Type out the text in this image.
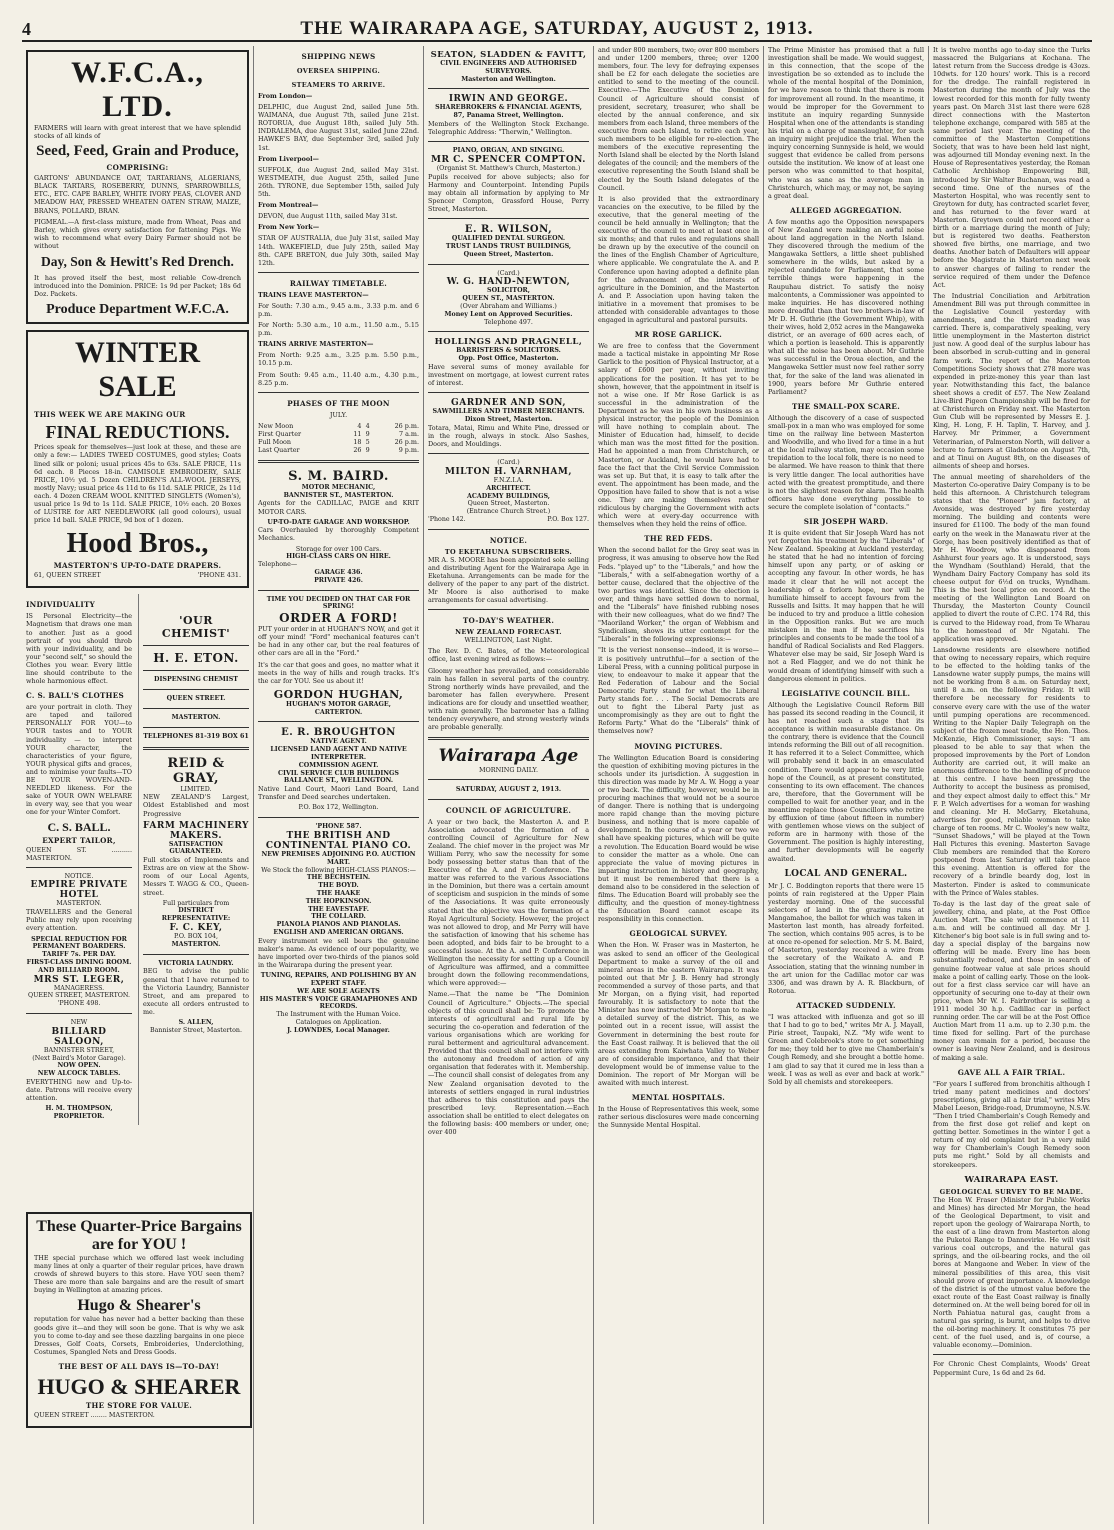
4	THE WAIRARAPA AGE, SATURDAY, AUGUST 2, 1913.
W.F.C.A., LTD.

FARMERS will learn with great interest that we have splendid stocks of all kinds of

Seed, Feed, Grain and Produce,
COMPRISING:

GARTONS' ABUNDANCE OAT, TARTARIANS, ALGERIANS, BLACK TARTARS, ROSEBERRY, DUNNS, SPARROWBILLS, ETC., ETC. CAPE BARLEY, WHITE IVORY PEAS, CLOVER AND MEADOW HAY, PRESSED WHEATEN OATEN STRAW, MAIZE, BRANS, POLLARD, BRAN.

PIGMEAL.—A first-class mixture, made from Wheat, Peas and Barley, which gives every satisfaction for fattening Pigs. We wish to recommend what every Dairy Farmer should not be without

Day, Son & Hewitt's Red Drench.

It has proved itself the best, most reliable Cow-drench introduced into the Dominion. PRICE: 1s 9d per Packet; 18s 6d Doz. Packets.

Produce Department W.F.C.A.
WINTER SALE
THIS WEEK WE ARE MAKING OUR
FINAL REDUCTIONS.

Prices speak for themselves—just look at these, and these are only a few:— LADIES TWEED COSTUMES, good styles; Coats lined silk or poloni; usual prices 45s to 63s. SALE PRICE, 11s 6d each. 8 Pieces 18-in. CAMISOLE EMBROIDERY, SALE PRICE, 10½ yd. 5 Dozen CHILDREN'S ALL-WOOL JERSEYS, mostly Navy; usual price 4s 11d to 6s 11d. SALE PRICE, 2s 11d each. 4 Dozen CREAM WOOL KNITTED SINGLETS (Women's), usual price 1s 9d to 1s 11d. SALE PRICE, 10½ each. 20 Boxes of LUSTRE for ART NEEDLEWORK (all good colours), usual price 1d ball. SALE PRICE, 9d box of 1 dozen.

Hood Bros.,
MASTERTON'S UP-TO-DATE DRAPERS.
61, QUEEN STREET	'PHONE 431.
INDIVIDUALITY

IS Personal Electricity—the Magnetism that draws one man to another. Just as a good portrait of you should throb with your individuality, and be your "second self," so should the Clothes you wear. Every little line should contribute to the whole harmonious effect.

C. S. BALL'S CLOTHES

are your portrait in cloth. They are taped and tailored PERSONALLY FOR YOU—to YOUR tastes and to YOUR individuality — to interpret YOUR character, the characteristics of your figure, YOUR physical gifts and graces, and to minimise your faults—TO BE YOUR WOVEN-AND-NEEDLED likeness. For the sake of YOUR OWN WELFARE in every way, see that you wear one for your Winter Comfort.

C. S. BALL.
EXPERT TAILOR,
QUEEN ST. .......... MASTERTON.
NOTICE.
EMPIRE PRIVATE HOTEL
MASTERTON.

TRAVELLERS and the General Public may rely upon receiving every attention.

SPECIAL REDUCTION FOR PERMANENT BOARDERS.
TARIFF 7s. PER DAY.
FIRST-CLASS DINING ROOM.
AND BILLIARD ROOM.
MRS ST. LEGER,
MANAGERESS.
QUEEN STREET, MASTERTON.
'PHONE 498.
NEW
BILLIARD SALOON,
BANNISTER STREET,
(Next Baird's Motor Garage).
NOW OPEN.
NEW ALCOCK TABLES.

EVERYTHING new and Up-to-date. Patrons will receive every attention.

H. M. THOMPSON, PROPRIETOR.
'OUR CHEMIST'
H. E. ETON.
DISPENSING CHEMIST
QUEEN STREET.
MASTERTON.
TELEPHONES 81-319 BOX 61
REID & GRAY,
LIMITED.

NEW ZEALAND'S Largest, Oldest Established and most Progressive

FARM MACHINERY MAKERS.
SATISFACTION GUARANTEED.

Full stocks of Implements and Extras are on view at the Show-room of our Local Agents, Messrs T. WAGG & CO., Queen-street.

Full particulars from
DISTRICT REPRESENTATIVE:
F. C. KEY,
P.O. BOX 104,
MASTERTON.
VICTORIA LAUNDRY.

BEG to advise the public general that I have returned to the Victoria Laundry, Bannister Street, and am prepared to execute all orders entrusted to me.

S. ALLEN,
Bannister Street, Masterton.
These Quarter-Price Bargains are for YOU !

THE special purchase which we offered last week including many lines at only a quarter of their regular prices, have drawn crowds of shrewd buyers to this store. Have YOU seen them? These are more than sale bargains and are the result of smart buying in Wellington at amazing prices.

Hugo & Shearer's

reputation for value has never had a better backing than these goods give it—and they will soon be gone. That is why we ask you to come to-day and see these dazzling bargains in one piece Dresses, Golf Coats, Corsets, Embroideries, Underclothing, Costumes, Spangled Nets and Dress Goods.

THE BEST OF ALL DAYS IS—TO-DAY!
HUGO & SHEARER
THE STORE FOR VALUE.
QUEEN STREET ........ MASTERTON.
SHIPPING NEWS
OVERSEA SHIPPING.
STEAMERS TO ARRIVE.
From London—

DELPHIC, due August 2nd, sailed June 5th. WAIMANA, due August 7th, sailed June 21st. ROTORUA, due August 18th, sailed July 5th. INDRALEMA, due August 31st, sailed June 22nd. HAWKE'S BAY, due September 3rd, sailed July 1st.

From Liverpool—

SUFFOLK, due August 2nd, sailed May 31st. WESTMEATH, due August 25th, sailed June 26th. TYRONE, due September 15th, sailed July 5th.

From Montreal—

DEVON, due August 11th, sailed May 31st.

From New York—

STAR OF AUSTRALIA, due July 31st, sailed May 14th. WAKEFIELD, due July 25th, sailed May 8th. CAPE BRETON, due July 30th, sailed May 12th.

RAILWAY TIMETABLE.
TRAINS LEAVE MASTERTON—

For South: 7.30 a.m., 9.45 a.m., 3.33 p.m. and 6 p.m.

For North: 5.30 a.m., 10 a.m., 11.50 a.m., 5.15 p.m.

TRAINS ARRIVE MASTERTON—

From North: 9.25 a.m., 3.25 p.m. 5.50 p.m., 10.15 p.m.

From South: 9.45 a.m., 11.40 a.m., 4.30 p.m., 8.25 p.m.

PHASES OF THE MOON
JULY.
New Moon	4	4	26 p.m.
First Quarter	11	9	7 a.m.
Full Moon	18	5	26 p.m.
Last Quarter	26	9	9 p.m.
S. M. BAIRD.
MOTOR MECHANIC,
BANNISTER ST., MASTERTON.

Agents for the CADILLAC, PAIGE and KRIT MOTOR CARS.

UP-TO-DATE GARAGE AND WORKSHOP.

Cars Overhauled by thoroughly Competent Mechanics.

Storage for over 100 Cars.
HIGH-CLASS CARS ON HIRE.
Telephone—
GARAGE 436.
PRIVATE 426.
TIME YOU DECIDED ON THAT CAR FOR SPRING!
ORDER A FORD!

PUT your order in at HUGHAN'S NOW, and get it off your mind! "Ford" mechanical features can't be had in any other car, but the real features of other cars are all in the "Ford."

It's the car that goes and goes, no matter what it meets in the way of hills and rough tracks. It's the car for YOU. See us about it!

GORDON HUGHAN,
HUGHAN'S MOTOR GARAGE,
CARTERTON.
E. R. BROUGHTON
NATIVE AGENT.
LICENSED LAND AGENT AND NATIVE INTERPRETER.
COMMISSION AGENT.
CIVIL SERVICE CLUB BUILDINGS
BALLANCE ST., WELLINGTON.

Native Land Court, Maori Land Board, Land Transfer and Deed searches undertaken.

P.O. Box 172, Wellington.
'PHONE 587.
THE BRITISH AND CONTINENTAL PIANO CO.
NEW PREMISES ADJOINING P.O. AUCTION MART.
We Stock the following HIGH-CLASS PIANOS:—
THE BECHSTEIN.
THE BOYD.
THE HAAKE
THE HOPKINSON.
THE EAVESTAFF.
THE COLLARD.
PIANOLA PIANOS AND PIANOLAS.
ENGLISH AND AMERICAN ORGANS.

Every instrument we sell bears the genuine maker's name. As evidence of our popularity, we have imported over two-thirds of the pianos sold in the Wairarapa during the present year.

TUNING, REPAIRS, AND POLISHING BY AN EXPERT STAFF.
WE ARE SOLE AGENTS
HIS MASTER'S VOICE GRAMAPHONES AND RECORDS.
The Instrument with the Human Voice.
Catalogues on Application.
J. LOWNDES, Local Manager.
SEATON, SLADDEN & FAVITT,
CIVIL ENGINEERS AND AUTHORISED SURVEYORS.
Masterton and Wellington.
IRWIN AND GEORGE.
SHAREBROKERS & FINANCIAL AGENTS,
87, Panama Street, Wellington.

Members of the Wellington Stock Exchange. Telegraphic Address: "Therwin," Wellington.

PIANO, ORGAN, AND SINGING.
MR C. SPENCER COMPTON.
(Organist St. Matthew's Church, Masterton.)

Pupils received for above subjects; also for Harmony and Counterpoint. Intending Pupils may obtain all information by applying to Mr Spencer Compton, Grassford House, Perry Street, Masterton.

E. R. WILSON,
QUALIFIED DENTAL SURGEON.
TRUST LANDS TRUST BUILDINGS,
Queen Street, Masterton.
(Card.)
W. G. HAND-NEWTON,
SOLICITOR,
QUEEN ST., MASTERTON.
(Over Abraham and Williams.)
Money Lent on Approved Securities.
Telephone 497.
HOLLINGS AND PRAGNELL,
BARRISTERS & SOLICITORS.
Opp. Post Office, Masterton.

Have several sums of money available for investment on mortgage, at lowest current rates of interest.

GARDNER AND SON,
SAWMILLERS AND TIMBER MERCHANTS.
Dixon Street, Masterton.

Totara, Matai, Rimu and White Pine, dressed or in the rough, always in stock. Also Sashes, Doors, and Mouldings.

(Card.)
MILTON H. VARNHAM,
F.N.Z.I.A.
ARCHITECT.
ACADEMY BUILDINGS,
Queen Street, Masterton.
(Entrance Church Street.)
'Phone 142.	P.O. Box 127.
NOTICE.
TO EKETAHUNA SUBSCRIBERS.

MR A. S. MOORE has been appointed sole selling and distributing Agent for the Wairarapa Age in Eketahuna. Arrangements can be made for the delivery of the paper to any part of the district. Mr Moore is also authorised to make arrangements for casual advertising.

TO-DAY'S WEATHER.
NEW ZEALAND FORECAST.
WELLINGTON, Last Night.

The Rev. D. C. Bates, of the Meteorological office, last evening wired as follows:—

Gloomy weather has prevailed, and considerable rain has fallen in several parts of the country. Strong northerly winds have prevailed, and the barometer has fallen everywhere. Present indications are for cloudy and unsettled weather, with rain generally. The barometer has a falling tendency everywhere, and strong westerly winds are probable generally.

Wairarapa Age
MORNING DAILY.
SATURDAY, AUGUST 2, 1913.
COUNCIL OF AGRICULTURE.

A year or two back, the Masterton A. and P. Association advocated the formation of a controlling Council of Agriculture for New Zealand. The chief mover in the project was Mr William Perry, who saw the necessity for some body possessing better status than that of the Executive of the A. and P. Conference. The matter was referred to the various Associations in the Dominion, but there was a certain amount of scepticism and suspicion in the minds of some of the Associations. It was quite erroneously stated that the objective was the formation of a Royal Agricultural Society. However, the project was not allowed to drop, and Mr Perry will have the satisfaction of knowing that his scheme has been adopted, and bids fair to be brought to a successful issue. At the A. and P. Conference in Wellington the necessity for setting up a Council of Agriculture was affirmed, and a committee brought down the following recommendations, which were approved:—

Name.—That the name be "The Dominion Council of Agriculture." Objects.—The special objects of this council shall be: To promote the interests of agricultural and rural life by securing the co-operation and federation of the various organisations which are working for rural betterment and agricultural advancement. Provided that this council shall not interfere with the autonomy and freedom of action of any organisation that federates with it. Membership.—The council shall consist of delegates from any New Zealand organisation devoted to the interests of settlers engaged in rural industries that adheres to this constitution and pays the prescribed levy. Representation.—Each association shall be entitled to elect delegates on the following basis: 400 members or under, one; over 400

and under 800 members, two; over 800 members and under 1200 members, three; over 1200 members, four. The levy for defraying expenses shall be £2 for each delegate the societies are entitled to send to the meeting of the council. Executive.—The Executive of the Dominion Council of Agriculture should consist of president, secretary, treasurer, who shall be elected by the annual conference, and six members from each Island, three members of the executive from each Island, to retire each year, such members to be eligible for re-election. The members of the executive representing the North Island shall be elected by the North Island delegates of the council; and the members of the executive representing the South Island shall be elected by the South Island delegates of the Council.

It is also provided that the extraordinary vacancies on the executive, to be filled by the executive, that the general meeting of the council be held annually in Wellington; that the executive of the council to meet at least once in six months; and that rules and regulations shall be drawn up by the executive of the council on the lines of the English Chamber of Agriculture, where applicable. We congratulate the A. and P. Conference upon having adopted a definite plan for the advancement of the interests of agriculture in the Dominion, and the Masterton A. and P. Association upon having taken the initiative in a movement that promises to be attended with considerable advantages to those engaged in agricultural and pastoral pursuits.

MR ROSE GARLICK.

We are free to confess that the Government made a tactical mistake in appointing Mr Rose Garlick to the position of Physical Instructor, at a salary of £600 per year, without inviting applications for the position. It has yet to be shown, however, that the appointment in itself is not a wise one. If Mr Rose Garlick is as successful in the administration of the Department as he was in his own business as a physical instructor, the people of the Dominion will have nothing to complain about. The Minister of Education had, himself, to decide which man was the most fitted for the position. Had he appointed a man from Christchurch, or Masterton, or Auckland, he would have had to face the fact that the Civil Service Commission was set up. But that, it is easy to talk after the event. The appointment has been made, and the Opposition have failed to show that is not a wise one. They are making themselves rather ridiculous by charging the Government with acts which were at every-day occurrence with themselves when they held the reins of office.

THE RED FEDS.

When the second ballot for the Grey seat was in progress, it was amusing to observe how the Red Feds. "played up" to the "Liberals," and how the "Liberals," with a self-abnegation worthy of a better cause, declared that the objective of the two parties was identical. Since the election is over, and things have settled down to normal, and the "Liberals" have finished rubbing noses with their new colleagues, what do we find? The "Maoriland Worker," the organ of Webbism and Syndicalism, shows its utter contempt for the "Liberals" in the following expressions:—

"It is the veriest nonsense—indeed, it is worse—it is positively untruthful—for a section of the Liberal Press, with a cunning political purpose in view, to endeavour to make it appear that the Red Federation of Labour and the Social Democratic Party stand for what the Liberal Party stands for. . . . The Social Democrats are out to fight the Liberal Party just as uncompromisingly as they are out to fight the Reform Party." What do the "Liberals" think of themselves now?

MOVING PICTURES.

The Wellington Education Board is considering the question of exhibiting moving pictures in the schools under its jurisdiction. A suggestion in this direction was made by Mr A. W. Hogg a year or two back. The difficulty, however, would be in procuring machines that would not be a source of danger. There is nothing that is undergoing more rapid change than the moving picture business, and nothing that is more capable of development. In the course of a year or two we shall have speaking pictures, which will be quite a revolution. The Education Board would be wise to consider the matter as a whole. One can appreciate the value of moving pictures in imparting instruction in history and geography, but it must be remembered that there is a demand also to be considered in the selection of films. The Education Board will probably see the difficulty, and the question of money-tightness the Education Board cannot escape its responsibility in this connection.

GEOLOGICAL SURVEY.

When the Hon. W. Fraser was in Masterton, he was asked to send an officer of the Geological Department to make a survey of the oil and mineral areas in the eastern Wairarapa. It was pointed out that Mr J. B. Henry had strongly recommended a survey of those parts, and that Mr Morgan, on a flying visit, had reported favourably. It is satisfactory to note that the Minister has now instructed Mr Morgan to make a detailed survey of the district. This, as we pointed out in a recent issue, will assist the Government in determining the best route for the East Coast railway. It is believed that the oil areas extending from Kaiwhata Valley to Weber are of considerable importance, and that their development would be of immense value to the Dominion. The report of Mr Morgan will be awaited with much interest.

MENTAL HOSPITALS.

In the House of Representatives this week, some rather serious disclosures were made concerning the Sunnyside Mental Hospital.

The Prime Minister has promised that a full investigation shall be made. We would suggest, in this connection, that the scope of the investigation be so extended as to include the whole of the mental hospital of the Dominion, for we have reason to think that there is room for improvement all round. In the meantime, it would be improper for the Government to institute an inquiry regarding Sunnyside Hospital when one of the attendants is standing his trial on a charge of manslaughter, for such an inquiry might prejudice the trial. When the inquiry concerning Sunnyside is held, we would suggest that evidence be called from persons outside the institution. We know of at least one person who was committed to that hospital, who was as sane as the average man in Christchurch, which may, or may not, be saying a great deal.

ALLEGED AGGREGATION.

A few months ago the Opposition newspapers of New Zealand were making an awful noise about land aggregation in the North Island. They discovered through the medium of the Mangawaka Settlers, a little sheet published somewhere in the wilds, but asked by a rejected candidate for Parliament, that some terrible things were happening in the Raupuhau district. To satisfy the noisy malcontents, a Commissioner was appointed to make inquiries. He has discovered nothing more dreadful than that two brothers-in-law of Mr D. H. Guthrie (the Government Whip), with their wives, hold 2,052 acres in the Mangaweka district, or an average of 600 acres each, of which a portion is leasehold. This is apparently what all the noise has been about. Mr Guthrie was successful in the Oroua election, and the Mangaweka Settler must now feel rather sorry that, for the sake of the land was alienated in 1900, years before Mr Guthrie entered Parliament?

THE SMALL-POX SCARE.

Although the discovery of a case of suspected small-pox in a man who was employed for some time on the railway line between Masterton and Woodville, and who lived for a time in a hut at the local railway station, may occasion some trepidation to the local folk, there is no need to be alarmed. We have reason to think that there is very little danger. The local authorities have acted with the greatest promptitude, and there is not the slightest reason for alarm. The health officers have done everything possible to secure the complete isolation of "contacts."

SIR JOSEPH WARD.

It is quite evident that Sir Joseph Ward has not yet forgotten his treatment by the "Liberals" of New Zealand. Speaking at Auckland yesterday, he stated that he had no intention of forcing himself upon any party, or of asking or accepting any favour. In other words, he has made it clear that he will not accept the leadership of a forlorn hope, nor will he humiliate himself to accept favours from the Russells and Isitts. It may happen that he will be induced to try and produce a little cohesion in the Opposition ranks. But we are much mistaken in the man if he sacrifices his principles and consents to be made the tool of a handful of Radical Socialists and Red Flaggers. Whatever else may be said, Sir Joseph Ward is not a Red Flagger, and we do not think he would dream of identifying himself with such a dangerous element in politics.

LEGISLATIVE COUNCIL BILL.

Although the Legislative Council Reform Bill has passed its second reading in the Council, it has not reached such a stage that its acceptance is within measurable distance. On the contrary, there is evidence that the Council intends reforming the Bill out of all recognition. It has referred it to a Select Committee, which will probably send it back in an emasculated condition. There would appear to be very little hope of the Council, as at present constituted, consenting to its own effacement. The chances are, therefore, that the Government will be compelled to wait for another year, and in the meantime replace those Councillors who retire by effluxion of time (about fifteen in number) with gentlemen whose views on the subject of reform are in harmony with those of the Government. The position is highly interesting, and further developments will be eagerly awaited.

LOCAL AND GENERAL.

Mr J. C. Boddington reports that there were 15 points of rain registered at the Upper Plain yesterday morning. One of the successful selectors of land in the grazing runs at Mangamahoe, the ballot for which was taken in Masterton last month, has already forfeited. The section, which contains 905 acres, is to be at once re-opened for selection. Mr S. M. Baird, of Masterton, yesterday received a wire from the secretary of the Waikato A. and P. Association, stating that the winning number in the art union for the Cadillac motor car was 3306, and was drawn by A. R. Blackburn, of Rotorua.

ATTACKED SUDDENLY.

"I was attacked with influenza and got so ill that I had to go to bed," writes Mr A. J. Mayall, Pirie street, Taupaki, N.Z. "My wife went to Green and Colebrook's store to get something for me; they told her to give me Chamberlain's Cough Remedy, and she brought a bottle home. I am glad to say that it cured me in less than a week. I was as well as ever and back at work." Sold by all chemists and storekeepers.

It is twelve months ago to-day since the Turks massacred the Bulgarians at Kochana. The latest return from the Success dredge is 43ozs. 10dwts. for 120 hours' work. This is a record for the dredge. The rainfall registered in Masterton during the month of July was the lowest recorded for this month for fully twenty years past. On March 31st last there were 628 direct connections with the Masterton telephone exchange, compared with 585 at the same period last year. The meeting of the committee of the Masterton Competitions Society, that was to have been held last night, was adjourned till Monday evening next. In the House of Representatives yesterday, the Roman Catholic Archbishop Empowering Bill, introduced by Sir Walter Buchanan, was read a second time. One of the nurses of the Masterton Hospital, who was recently sent to Greytown for duty, has contracted scarlet fever, and has returned to the fever ward at Masterton. Greytown could not record either a birth or a marriage during the month of July; but is registered two deaths. Featherston showed five births, one marriage, and two deaths. Another batch of Defaulters will appear before the Magistrate in Masterton next week to answer charges of failing to render the service required of them under the Defence Act.

The Industrial Conciliation and Arbitration Amendment Bill was put through committee in the Legislative Council yesterday with amendments, and the third reading was carried. There is, comparatively speaking, very little unemployment in the Masterton district just now. A good deal of the surplus labour has been absorbed in scrub-cutting and in general farm work. The report of the Masterton Competitions Society shows that 278 more was expended in prize-money this year than last year. Notwithstanding this fact, the balance sheet shows a credit of £57. The New Zealand Live-Bird Pigeon Championship will be fired for at Christchurch on Friday next. The Masterton Gun Club will be represented by Messrs E. J. King, H. Long, F. H. Taplin, T. Harvey, and J. Harvey. Mr Primmer, a Government Veterinarian, of Palmerston North, will deliver a lecture to farmers at Gladstone on August 7th, and at Tinui on August 8th, on the diseases of ailments of sheep and horses.

The annual meeting of shareholders of the Masterton Co-operative Dairy Company is to be held this afternoon. A Christchurch telegram states that the "Pioneer" jam factory, at Avonside, was destroyed by fire yesterday morning. The building and contents were insured for £1100. The body of the man found early on the week in the Manawatu river at the Gorge, has been positively identified as that of Mr H. Woodrow, who disappeared from Ashhurst four years ago. It is understood, says the Wyndham (Southland) Herald, that the Wyndham Dairy Factory Company has sold its cheese output for 6½d on trucks, Wyndham. This is the best local price on record. At the meeting of the Wellington Land Board on Thursday, the Masterton County Council applied to divert the route of C.P.C. 174 Rd, this is curved to the Hideway road, from Te Wharau to the homestead of Mr Ngatahi. The application was approved.

Lansdowne residents are elsewhere notified that owing to necessary repairs, which require to be effected to the holding tanks of the Lansdowne water supply pumps, the mains will not be working from 8 a.m. on Saturday next, until 8 a.m. on the following Friday. It will therefore be necessary for residents to conserve every care with the use of the water until pumping operations are recommenced. Writing to the Napier Daily Telegraph on the subject of the frozen meat trade, the Hon. Thos. McKenzie, High Commissioner, says: "I am pleased to be able to say that when the proposed improvements by the Port of London Authority are carried out, it will make an enormous difference to the handling of produce at this centre. I have been pressing the Authority to accept the business as promised, and they expect almost daily to effect this." Mr F. P. Welch advertises for a woman for washing and cleaning. Mr H. McGarry, Eketahuna, advertises for good, reliable woman to take charge of ten rooms. Mr C. Wooley's new waltz, "Sunset Shadows," will be played at the Town Hall Pictures this evening. Masterton Savage Club members are reminded that the Korero postponed from last Saturday will take place this evening. Attention is offered for the recovery of a brindle beardy dog, lost in Masterton. Finder is asked to communicate with the Prince of Wales stables.

To-day is the last day of the great sale of jewellery, china, and plate, at the Post Office Auction Mart. The sale will commence at 11 a.m. and will be continued all day. Mr J. Kitchener's big boot sale is in full swing and to-day a special display of the bargains now offering will be made. Every line has been substantially reduced, and those in search of genuine footwear value at sale prices should make a point of calling early. Those on the look-out for a first class service car will have an opportunity of securing one to-day at their own price, when Mr W. I. Fairbrother is selling a 1911 model 30 h.p. Cadillac car in perfect running order. The car will be at the Post Office Auction Mart from 11 a.m. up to 2.30 p.m. the time fixed for selling. Part of the purchase money can remain for a period, because the owner is leaving New Zealand, and is desirous of making a sale.

GAVE ALL A FAIR TRIAL.

"For years I suffered from bronchitis although I tried many patent medicines and doctors' prescriptions, giving all a fair trial," writes Mrs Mabel Leeson, Bridge-road, Drummoyne, N.S.W. "Then I tried Chamberlain's Cough Remedy and from the first dose got relief and kept on getting better. Sometimes in the winter I get a return of my old complaint but in a very mild way for Chamberlain's Cough Remedy soon puts me right." Sold by all chemists and storekeepers.

WAIRARAPA EAST.
GEOLOGICAL SURVEY TO BE MADE.

The Hon W. Fraser (Minister for Public Works and Mines) has directed Mr Morgan, the head of the Geological Department, to visit and report upon the geology of Wairarapa North, to the east of a line drawn from Masterton along the Puketoi Range to Dannevirke. He will visit various coal outcrops, and the natural gas springs, and the oil-bearing rocks, and the oil bores at Mangaone and Weber. In view of the mineral possibilities of this area, this visit should prove of great importance. A knowledge of the district is of the utmost value before the exact route of the East Coast railway is finally determined on. At the well being bored for oil in North Pahiatua natural gas, caught from a natural gas spring, is burnt, and helps to drive the oil-boring machinery. It constitutes 75 per cent. of the fuel used, and is, of course, a valuable economy.—Dominion.

For Chronic Chest Complaints, Woods' Great Peppermint Cure, 1s 6d and 2s 6d.
